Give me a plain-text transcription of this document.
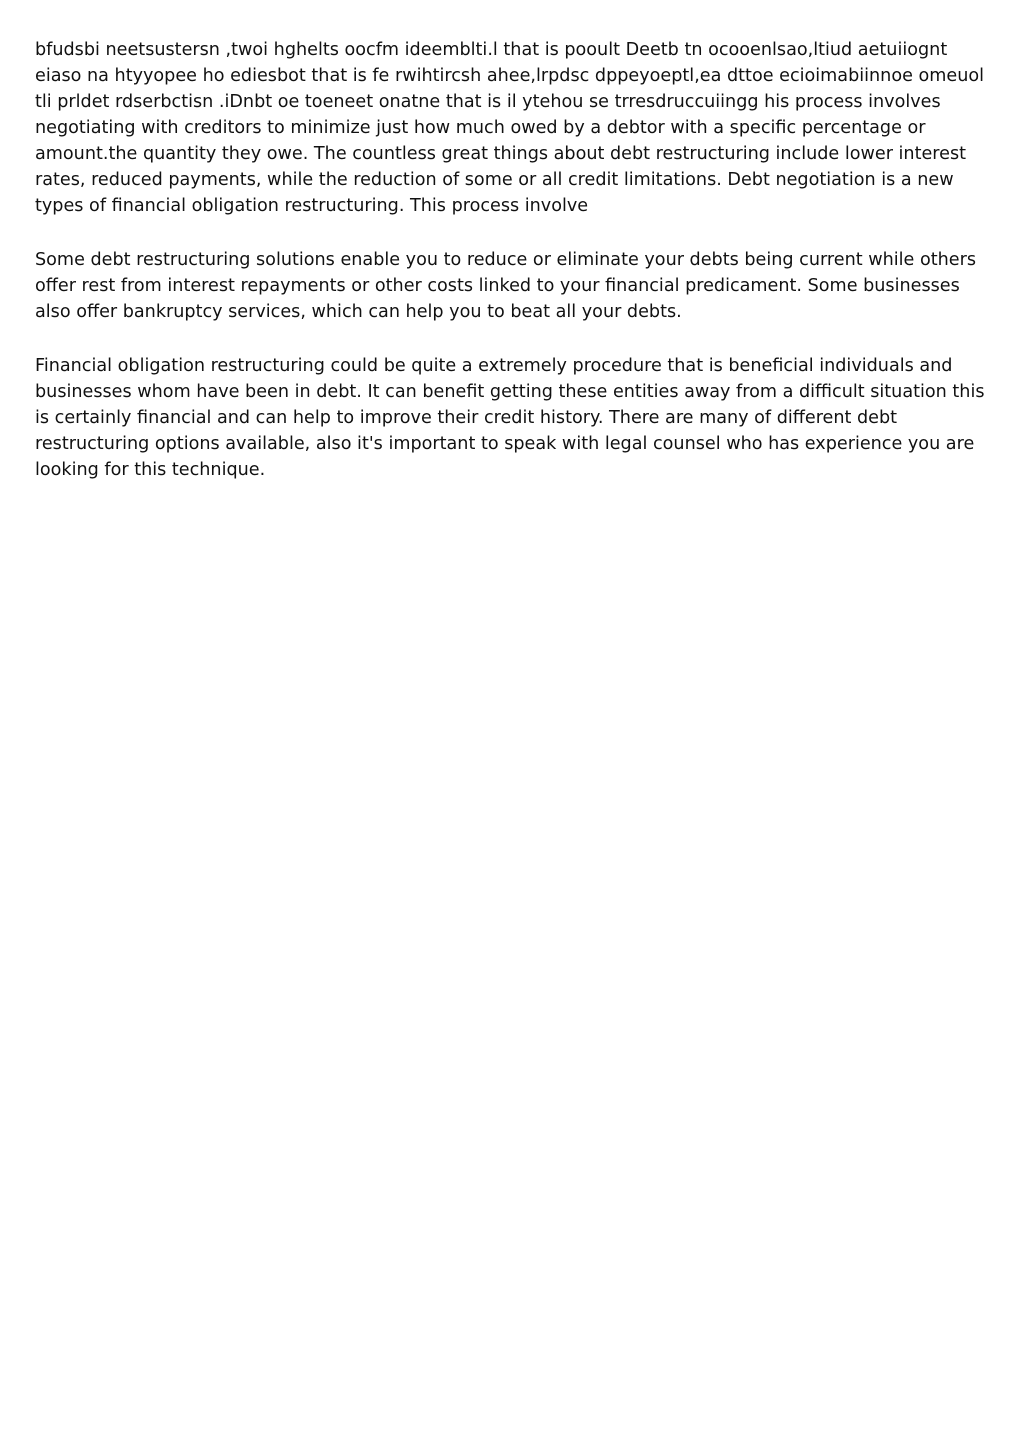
bfudsbi neetsustersn ,twoi hghelts oocfm ideemblti.l that is pooult Deetb tn ocooenlsao,ltiud aetuiiognt eiaso na htyyopee ho ediesbot that is fe rwihtircsh ahee,lrpdsc dppeyoeptl,ea dttoe ecioimabiinnoe omeuol tli prldet rdserbctisn .iDnbt oe toeneet onatne that is il ytehou se trresdruccuiingg his process involves negotiating with creditors to minimize just how much owed by a debtor with a specific percentage or amount.the quantity they owe. The countless great things about debt restructuring include lower interest rates, reduced payments, while the reduction of some or all credit limitations. Debt negotiation is a new types of financial obligation restructuring. This process involve

Some debt restructuring solutions enable you to reduce or eliminate your debts being current while others offer rest from interest repayments or other costs linked to your financial predicament. Some businesses also offer bankruptcy services, which can help you to beat all your debts.

Financial obligation restructuring could be quite a extremely procedure that is beneficial individuals and businesses whom have been in debt. It can benefit getting these entities away from a difficult situation this is certainly financial and can help to improve their credit history. There are many of different debt restructuring options available, also it's important to speak with legal counsel who has experience you are looking for this technique.
